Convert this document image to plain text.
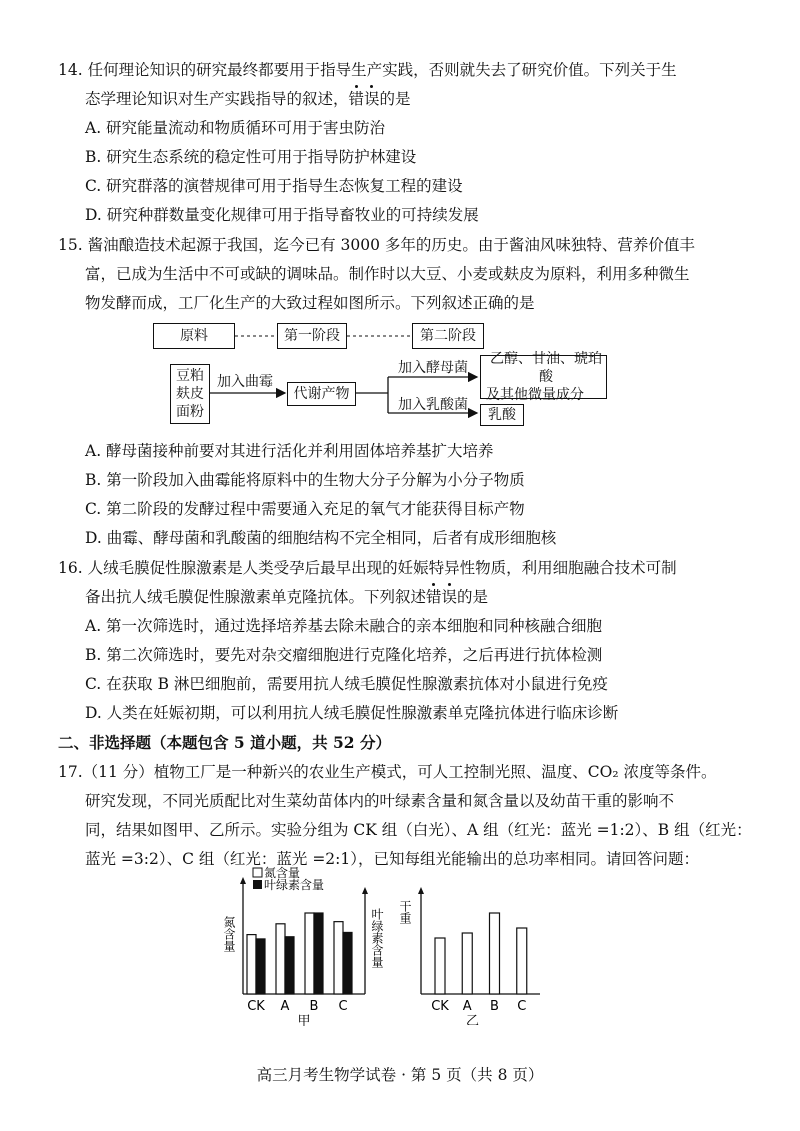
14. 任何理论知识的研究最终都要用于指导生产实践，否则就失去了研究价值。下列关于生
态学理论知识对生产实践指导的叙述，错误的是
A. 研究能量流动和物质循环可用于害虫防治
B. 研究生态系统的稳定性可用于指导防护林建设
C. 研究群落的演替规律可用于指导生态恢复工程的建设
D. 研究种群数量变化规律可用于指导畜牧业的可持续发展
15. 酱油酿造技术起源于我国，迄今已有 3000 多年的历史。由于酱油风味独特、营养价值丰
富，已成为生活中不可或缺的调味品。制作时以大豆、小麦或麸皮为原料，利用多种微生
物发酵而成，工厂化生产的大致过程如图所示。下列叙述正确的是
原料	第一阶段	第二阶段
豆粕
麸皮
面粉
加入曲霉
代谢产物
加入酵母菌
加入乳酸菌
乙醇、甘油、琥珀酸
及其他微量成分
乳酸
A. 酵母菌接种前要对其进行活化并利用固体培养基扩大培养
B. 第一阶段加入曲霉能将原料中的生物大分子分解为小分子物质
C. 第二阶段的发酵过程中需要通入充足的氧气才能获得目标产物
D. 曲霉、酵母菌和乳酸菌的细胞结构不完全相同，后者有成形细胞核
16. 人绒毛膜促性腺激素是人类受孕后最早出现的妊娠特异性物质，利用细胞融合技术可制
备出抗人绒毛膜促性腺激素单克隆抗体。下列叙述错误的是
A. 第一次筛选时，通过选择培养基去除未融合的亲本细胞和同种核融合细胞
B. 第二次筛选时，要先对杂交瘤细胞进行克隆化培养，之后再进行抗体检测
C. 在获取 B 淋巴细胞前，需要用抗人绒毛膜促性腺激素抗体对小鼠进行免疫
D. 人类在妊娠初期，可以利用抗人绒毛膜促性腺激素单克隆抗体进行临床诊断
二、非选择题（本题包含 5 道小题，共 52 分）
17.（11 分）植物工厂是一种新兴的农业生产模式，可人工控制光照、温度、CO₂ 浓度等条件。
研究发现，不同光质配比对生菜幼苗体内的叶绿素含量和氮含量以及幼苗干重的影响不
同，结果如图甲、乙所示。实验分组为 CK 组（白光）、A 组（红光：蓝光 =1:2）、B 组（红光：
蓝光 =3:2）、C 组（红光：蓝光 =2:1），已知每组光能输出的总功率相同。请回答问题：
氮含量	叶绿素含量
氮含量
叶绿素含量
CK A B C
甲
干重
CK A B C
乙
高三月考生物学试卷 · 第 5 页（共 8 页）
